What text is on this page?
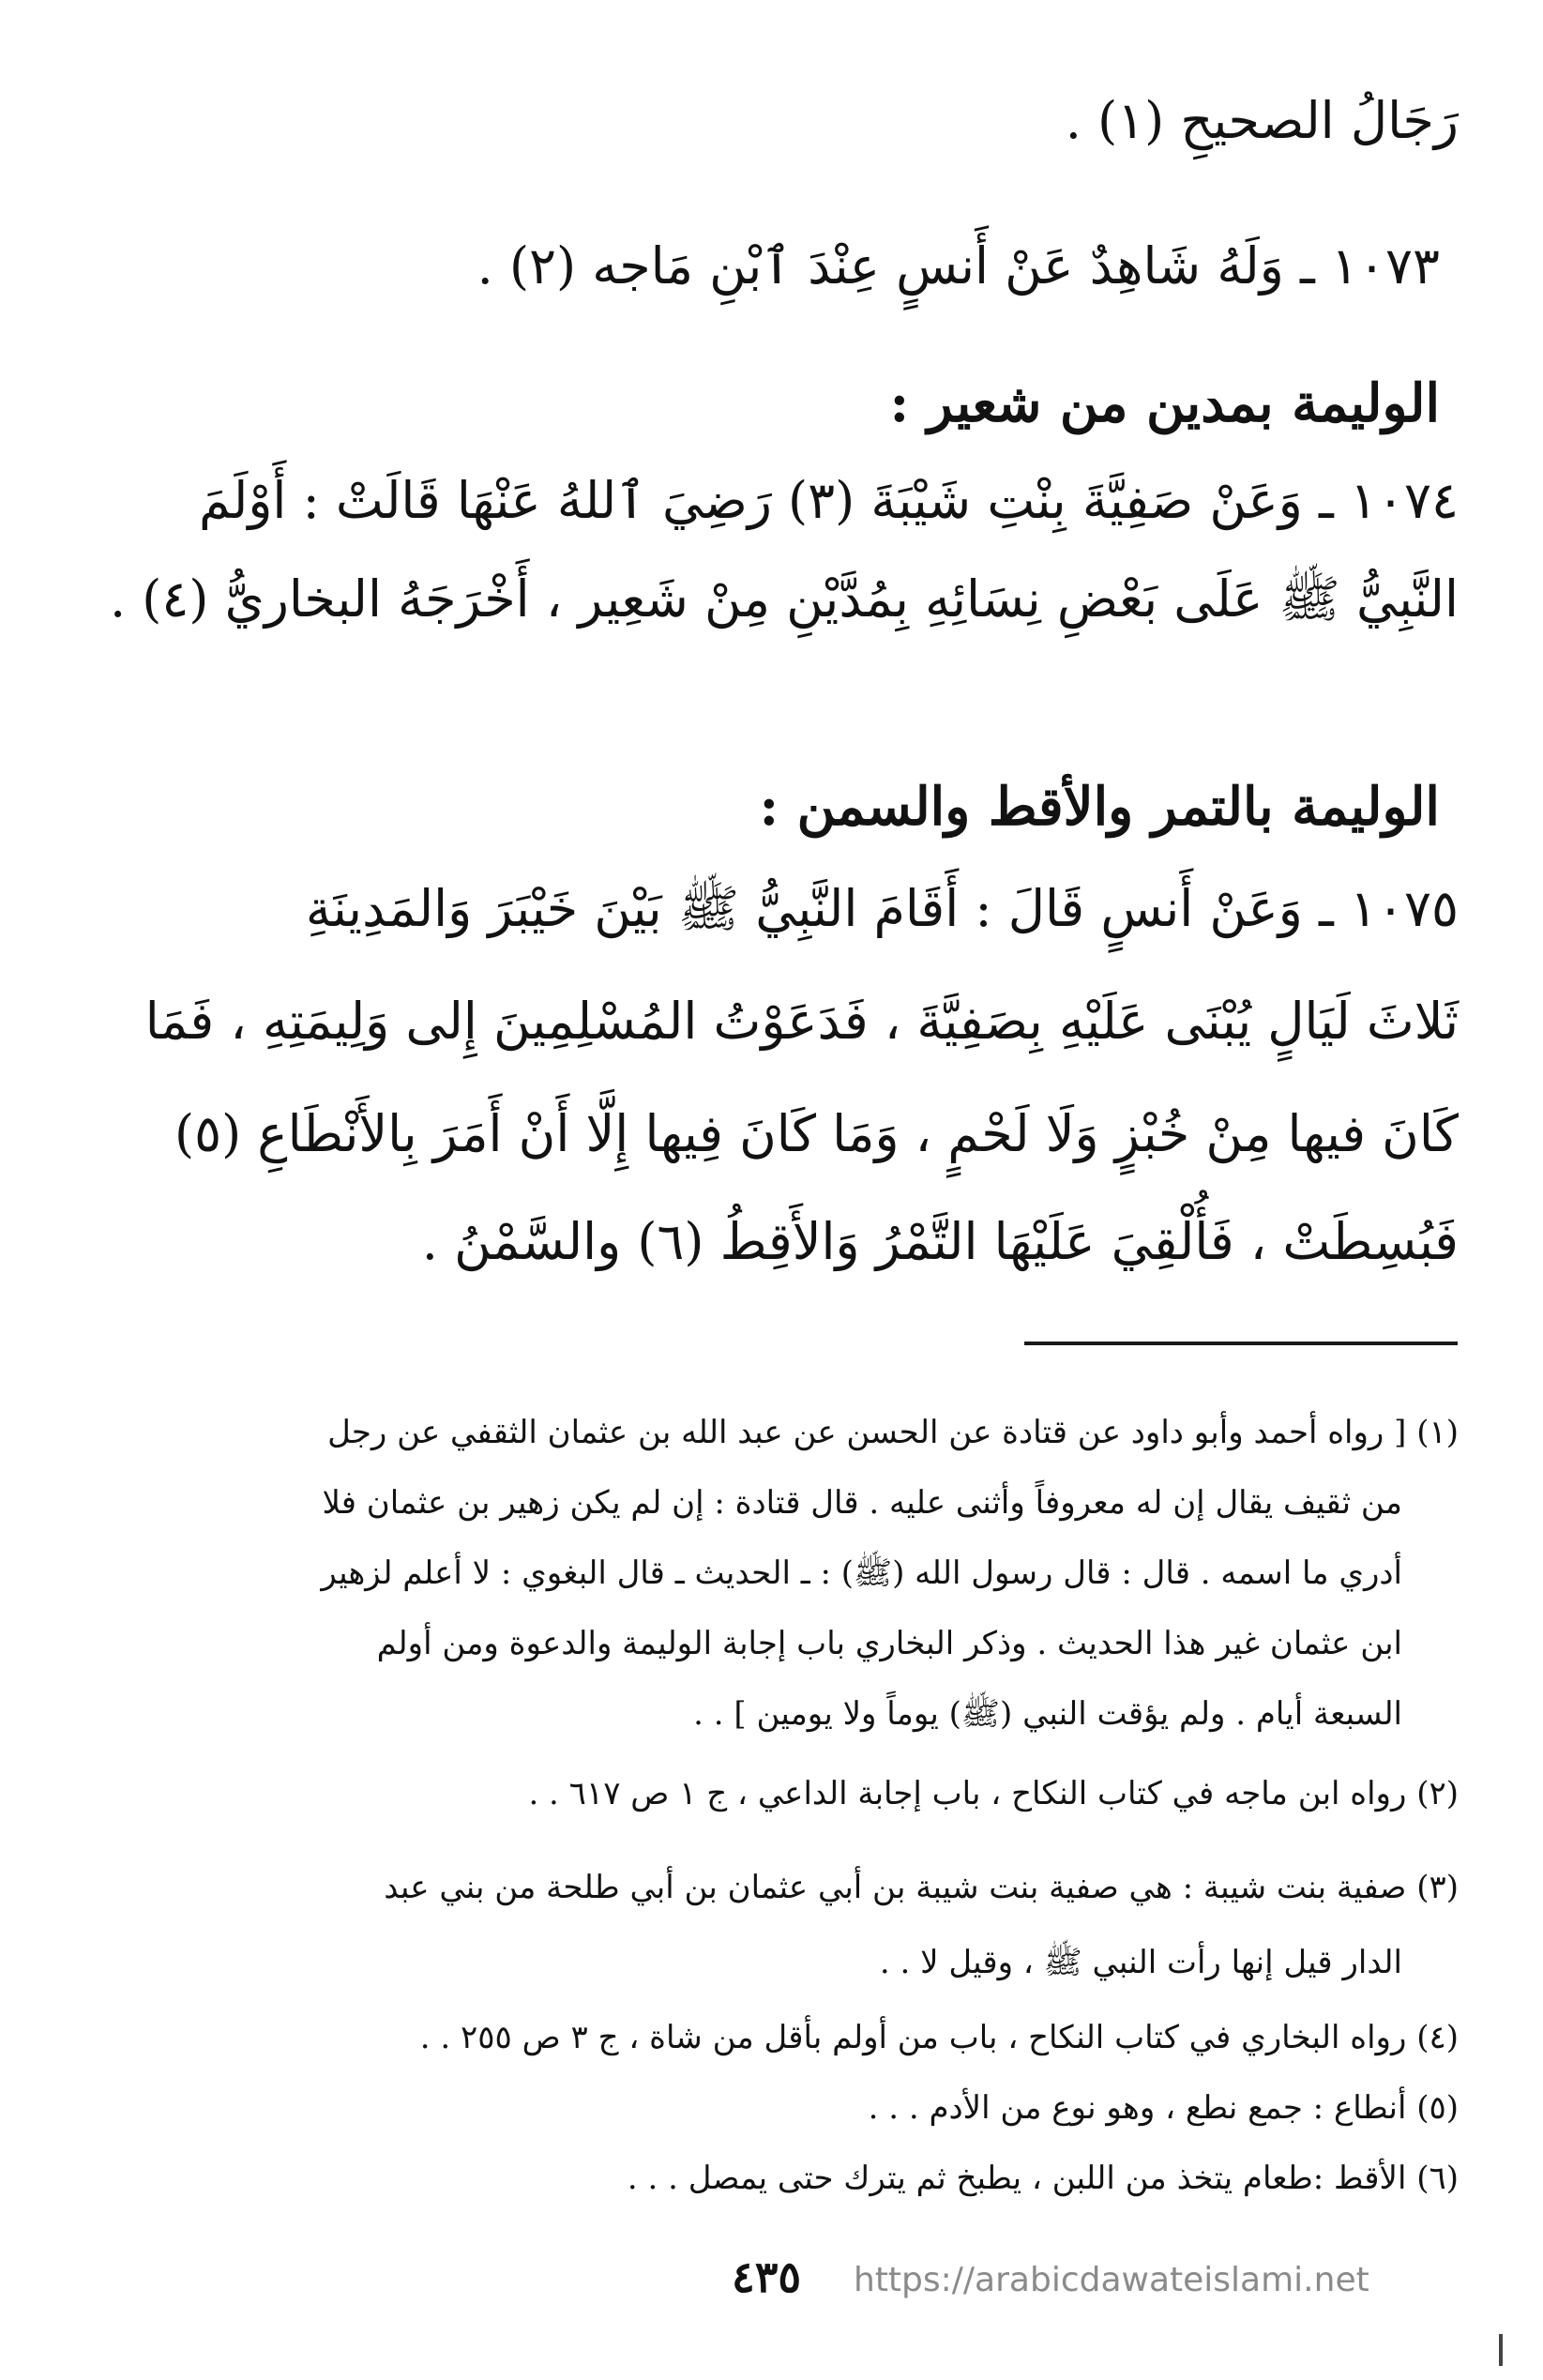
رَجَالُ الصحيحِ (١) .
١٠٧٣ ـ وَلَهُ شَاهِدٌ عَنْ أَنسٍ عِنْدَ ٱبْنِ مَاجه (٢) .
الوليمة بمدين من شعير :
١٠٧٤ ـ وَعَنْ صَفِيَّةَ بِنْتِ شَيْبَةَ (٣) رَضِيَ ٱللهُ عَنْهَا قَالَتْ : أَوْلَمَ
النَّبِيُّ ﷺ عَلَى بَعْضِ نِسَائِهِ بِمُدَّيْنِ مِنْ شَعِير ، أَخْرَجَهُ البخاريُّ (٤) .
الوليمة بالتمر والأقط والسمن :
١٠٧٥ ـ وَعَنْ أَنسٍ قَالَ : أَقَامَ النَّبِيُّ ﷺ بَيْنَ خَيْبَرَ وَالمَدِينَةِ
ثَلاثَ لَيَالٍ يُبْنَى عَلَيْهِ بِصَفِيَّةَ ، فَدَعَوْتُ المُسْلِمِينَ إِلى وَلِيمَتِهِ ، فَمَا
كَانَ فيها مِنْ خُبْزٍ وَلَا لَحْمٍ ، وَمَا كَانَ فِيها إِلَّا أَنْ أَمَرَ بِالأَنْطَاعِ (٥)
فَبُسِطَتْ ، فَأُلْقِيَ عَلَيْهَا التَّمْرُ وَالأَقِطُ (٦) والسَّمْنُ .
(١) [ رواه أحمد وأبو داود عن قتادة عن الحسن عن عبد الله بن عثمان الثقفي عن رجل
من ثقيف يقال إن له معروفاً وأثنى عليه . قال قتادة : إن لم يكن زهير بن عثمان فلا
أدري ما اسمه . قال : قال رسول الله (ﷺ) : ـ الحديث ـ قال البغوي : لا أعلم لزهير
ابن عثمان غير هذا الحديث . وذكر البخاري باب إجابة الوليمة والدعوة ومن أولم
السبعة أيام . ولم يؤقت النبي (ﷺ) يوماً ولا يومين ] . .
(٢) رواه ابن ماجه في كتاب النكاح ، باب إجابة الداعي ، ج ١ ص ٦١٧ . .
(٣) صفية بنت شيبة : هي صفية بنت شيبة بن أبي عثمان بن أبي طلحة من بني عبد
الدار قيل إنها رأت النبي ﷺ ، وقيل لا . .
(٤) رواه البخاري في كتاب النكاح ، باب من أولم بأقل من شاة ، ج ٣ ص ٢٥٥ . .
(٥) أنطاع : جمع نطع ، وهو نوع من الأدم . . .
(٦) الأقط :طعام يتخذ من اللبن ، يطبخ ثم يترك حتى يمصل . . .
٤٣٥ https://arabicdawateislami.net
